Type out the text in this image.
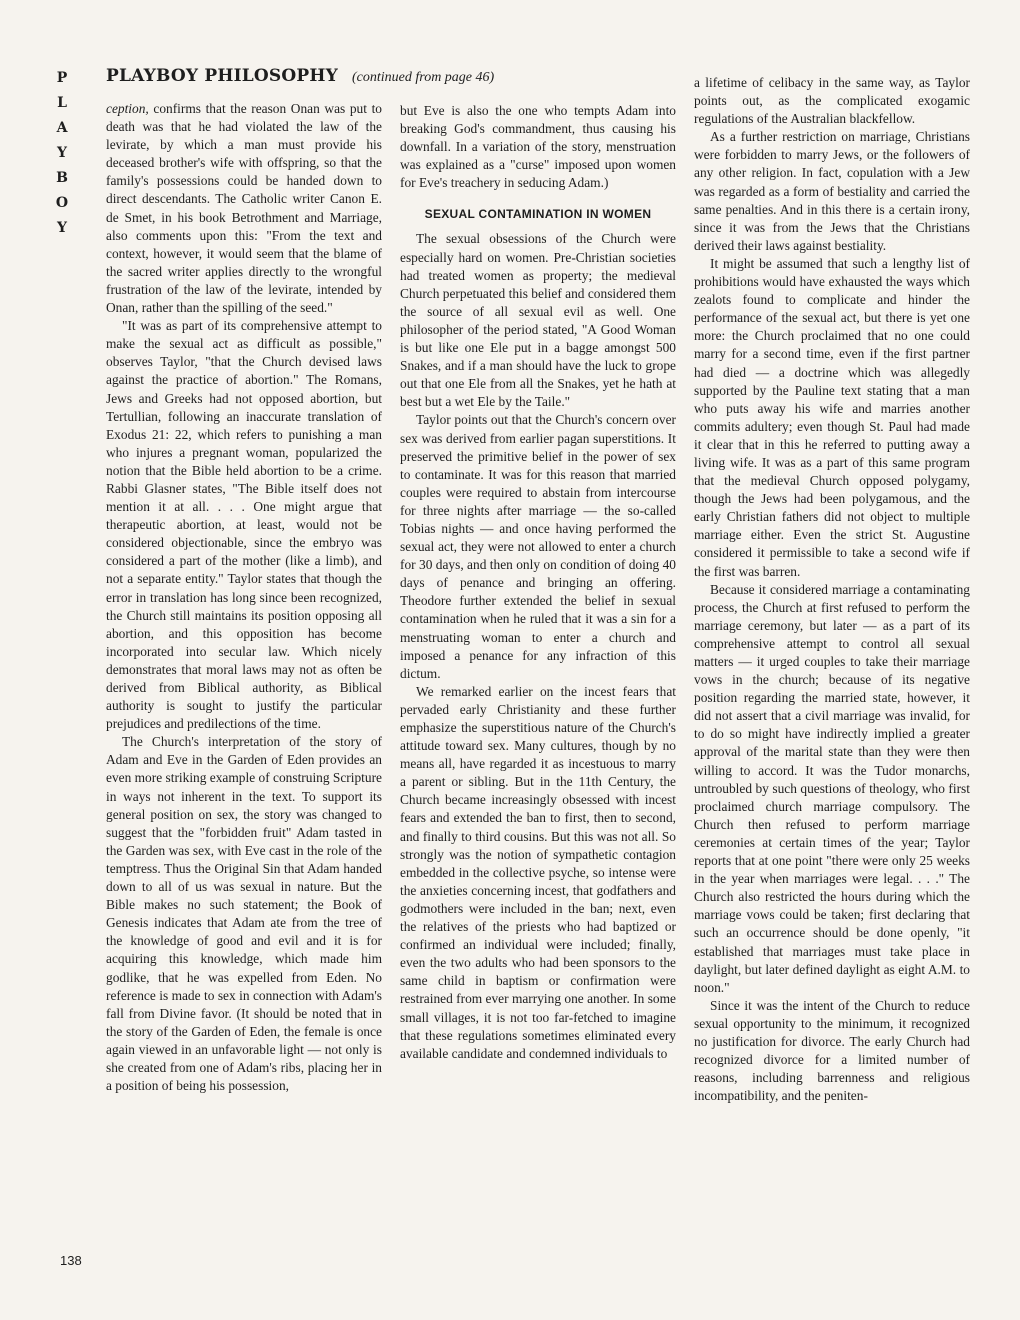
P
L
A
Y
B
O
Y
PLAYBOY PHILOSOPHY (continued from page 46)

ception, confirms that the reason Onan was put to death was that he had violated the law of the levirate, by which a man must provide his deceased brother's wife with offspring, so that the family's possessions could be handed down to direct descendants. The Catholic writer Canon E. de Smet, in his book Betrothment and Marriage, also comments upon this: "From the text and context, however, it would seem that the blame of the sacred writer applies directly to the wrongful frustration of the law of the levirate, intended by Onan, rather than the spilling of the seed."

"It was as part of its comprehensive attempt to make the sexual act as difficult as possible," observes Taylor, "that the Church devised laws against the practice of abortion." The Romans, Jews and Greeks had not opposed abortion, but Tertullian, following an inaccurate translation of Exodus 21: 22, which refers to punishing a man who injures a pregnant woman, popularized the notion that the Bible held abortion to be a crime. Rabbi Glasner states, "The Bible itself does not mention it at all. . . . One might argue that therapeutic abortion, at least, would not be considered objectionable, since the embryo was considered a part of the mother (like a limb), and not a separate entity." Taylor states that though the error in translation has long since been recognized, the Church still maintains its position opposing all abortion, and this opposition has become incorporated into secular law. Which nicely demonstrates that moral laws may not as often be derived from Biblical authority, as Biblical authority is sought to justify the particular prejudices and predilections of the time.

The Church's interpretation of the story of Adam and Eve in the Garden of Eden provides an even more striking example of construing Scripture in ways not inherent in the text. To support its general position on sex, the story was changed to suggest that the "forbidden fruit" Adam tasted in the Garden was sex, with Eve cast in the role of the temptress. Thus the Original Sin that Adam handed down to all of us was sexual in nature. But the Bible makes no such statement; the Book of Genesis indicates that Adam ate from the tree of the knowledge of good and evil and it is for acquiring this knowledge, which made him godlike, that he was expelled from Eden. No reference is made to sex in connection with Adam's fall from Divine favor. (It should be noted that in the story of the Garden of Eden, the female is once again viewed in an unfavorable light — not only is she created from one of Adam's ribs, placing her in a position of being his possession,

but Eve is also the one who tempts Adam into breaking God's commandment, thus causing his downfall. In a variation of the story, menstruation was explained as a "curse" imposed upon women for Eve's treachery in seducing Adam.)

SEXUAL CONTAMINATION IN WOMEN

The sexual obsessions of the Church were especially hard on women. Pre-Christian societies had treated women as property; the medieval Church perpetuated this belief and considered them the source of all sexual evil as well. One philosopher of the period stated, "A Good Woman is but like one Ele put in a bagge amongst 500 Snakes, and if a man should have the luck to grope out that one Ele from all the Snakes, yet he hath at best but a wet Ele by the Taile."

Taylor points out that the Church's concern over sex was derived from earlier pagan superstitions. It preserved the primitive belief in the power of sex to contaminate. It was for this reason that married couples were required to abstain from intercourse for three nights after marriage — the so-called Tobias nights — and once having performed the sexual act, they were not allowed to enter a church for 30 days, and then only on condition of doing 40 days of penance and bringing an offering. Theodore further extended the belief in sexual contamination when he ruled that it was a sin for a menstruating woman to enter a church and imposed a penance for any infraction of this dictum.

We remarked earlier on the incest fears that pervaded early Christianity and these further emphasize the superstitious nature of the Church's attitude toward sex. Many cultures, though by no means all, have regarded it as incestuous to marry a parent or sibling. But in the 11th Century, the Church became increasingly obsessed with incest fears and extended the ban to first, then to second, and finally to third cousins. But this was not all. So strongly was the notion of sympathetic contagion embedded in the collective psyche, so intense were the anxieties concerning incest, that godfathers and godmothers were included in the ban; next, even the relatives of the priests who had baptized or confirmed an individual were included; finally, even the two adults who had been sponsors to the same child in baptism or confirmation were restrained from ever marrying one another. In some small villages, it is not too far-fetched to imagine that these regulations sometimes eliminated every available candidate and condemned individuals to

a lifetime of celibacy in the same way, as Taylor points out, as the complicated exogamic regulations of the Australian blackfellow.

As a further restriction on marriage, Christians were forbidden to marry Jews, or the followers of any other religion. In fact, copulation with a Jew was regarded as a form of bestiality and carried the same penalties. And in this there is a certain irony, since it was from the Jews that the Christians derived their laws against bestiality.

It might be assumed that such a lengthy list of prohibitions would have exhausted the ways which zealots found to complicate and hinder the performance of the sexual act, but there is yet one more: the Church proclaimed that no one could marry for a second time, even if the first partner had died — a doctrine which was allegedly supported by the Pauline text stating that a man who puts away his wife and marries another commits adultery; even though St. Paul had made it clear that in this he referred to putting away a living wife. It was as a part of this same program that the medieval Church opposed polygamy, though the Jews had been polygamous, and the early Christian fathers did not object to multiple marriage either. Even the strict St. Augustine considered it permissible to take a second wife if the first was barren.

Because it considered marriage a contaminating process, the Church at first refused to perform the marriage ceremony, but later — as a part of its comprehensive attempt to control all sexual matters — it urged couples to take their marriage vows in the church; because of its negative position regarding the married state, however, it did not assert that a civil marriage was invalid, for to do so might have indirectly implied a greater approval of the marital state than they were then willing to accord. It was the Tudor monarchs, untroubled by such questions of theology, who first proclaimed church marriage compulsory. The Church then refused to perform marriage ceremonies at certain times of the year; Taylor reports that at one point "there were only 25 weeks in the year when marriages were legal. . . ." The Church also restricted the hours during which the marriage vows could be taken; first declaring that such an occurrence should be done openly, "it established that marriages must take place in daylight, but later defined daylight as eight A.M. to noon."

Since it was the intent of the Church to reduce sexual opportunity to the minimum, it recognized no justification for divorce. The early Church had recognized divorce for a limited number of reasons, including barrenness and religious incompatibility, and the peniten-

138
